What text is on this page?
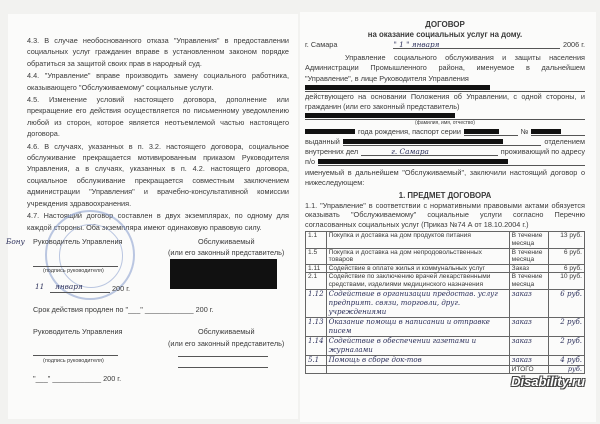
4.3. В случае необоснованного отказа "Управления" в предоставлении социальных услуг гражданин вправе в установленном законом порядке обратиться за защитой своих прав в народный суд.
4.4. "Управление" вправе производить замену социального работника, оказывающего "Обслуживаемому" социальные услуги.
4.5. Изменение условий настоящего договора, дополнение или прекращение его действия осуществляется по письменному уведомлению любой из сторон, которое является неотъемлемой частью настоящего договора.
4.6. В случаях, указанных в п. 3.2. настоящего договора, социальное обслуживание прекращается мотивированным приказом Руководителя Управления, а в случаях, указанных в п. 4.2. настоящего договора, социальное обслуживание прекращается совместным заключением администрации "Управления" и врачебно-консультативной комиссии учреждения здравоохранения.
4.7. Настоящий договор составлен в двух экземплярах, по одному для каждой стороны. Оба экземпляра имеют одинаковую правовую силу.
Бону Руководитель Управления	Обслуживаемый
(или его законный представитель)
(подпись руководителя)
11 января	200 г.
Срок действия продлен по "___" ____________ 200 г.
Руководитель Управления	Обслуживаемый
(или его законный представитель)
(подпись руководителя)
"___" ____________ 200 г.
ДОГОВОР
на оказание социальных услуг на дому.
г. Самара	" 1 " января	2006 г.
Управление социального обслуживания и защиты населения Администрации Промышленного района, именуемое в дальнейшем "Управление", в лице Руководителя Управления
действующего на основании Положения об Управлении, с одной стороны, и гражданин (или его законный представитель)
(фамилия, имя, отчество)
года рождения, паспорт серии	№
выданный	отделением
внутренних дел	г. Самара	проживающий по адресу
п/о
именуемый в дальнейшем "Обслуживаемый", заключили настоящий договор о нижеследующем:
1. ПРЕДМЕТ ДОГОВОРА
1.1. "Управление" в соответствии с нормативными правовыми актами обязуется оказывать "Обслуживаемому" социальные услуги согласно Перечню согласованных социальных услуг (Приказ №74 А от 18.10.2004 г.)
1.1	Покупка и доставка на дом продуктов питания	В течение месяца	13 руб.
1.5	Покупка и доставка на дом непродовольственных товаров	В течение месяца	6 руб.
1.11	Содействие в оплате жилья и коммунальных услуг	Заказ	6 руб.
2.1	Содействие по заключению врачей лекарственными средствами, изделиями медицинского назначения	В течение месяца	10 руб.
1.12	Содействие в организации предостав. услуг предприят. связи, торговли, друг. учреждениями	заказ	6 руб.
1.13	Оказание помощи в написании и отправке писем	заказ	2 руб.
1.14	Содействие в обеспечении газетами и журналами	заказ	2 руб.
5.1	Помощь в сборе док-тов	заказ	4 руб.
		ИТОГО	руб.
Disability.ru
